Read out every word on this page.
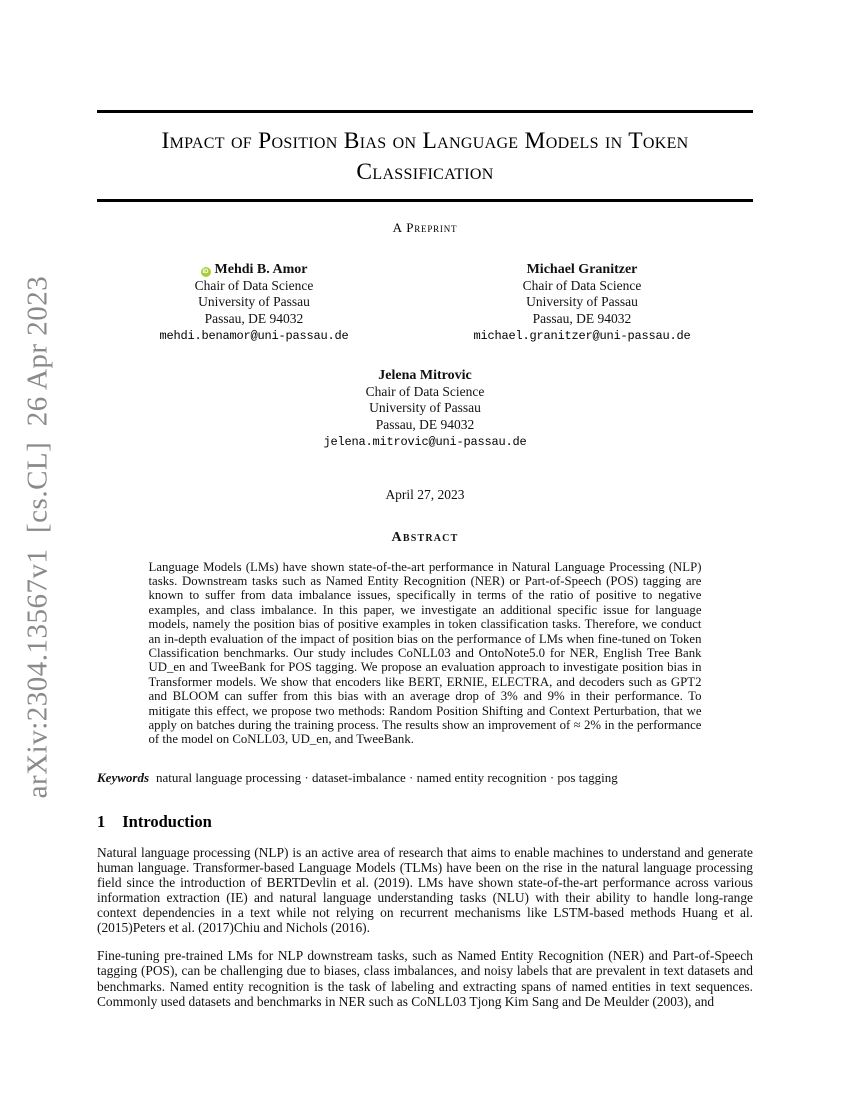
arXiv:2304.13567v1  [cs.CL]  26 Apr 2023
Impact of Position Bias on Language Models in Token Classification
A Preprint
iD Mehdi B. Amor
Chair of Data Science
University of Passau
Passau, DE 94032
mehdi.benamor@uni-passau.de
Michael Granitzer
Chair of Data Science
University of Passau
Passau, DE 94032
michael.granitzer@uni-passau.de
Jelena Mitrovic
Chair of Data Science
University of Passau
Passau, DE 94032
jelena.mitrovic@uni-passau.de
April 27, 2023
Abstract
Language Models (LMs) have shown state-of-the-art performance in Natural Language Processing (NLP) tasks. Downstream tasks such as Named Entity Recognition (NER) or Part-of-Speech (POS) tagging are known to suffer from data imbalance issues, specifically in terms of the ratio of positive to negative examples, and class imbalance. In this paper, we investigate an additional specific issue for language models, namely the position bias of positive examples in token classification tasks. Therefore, we conduct an in-depth evaluation of the impact of position bias on the performance of LMs when fine-tuned on Token Classification benchmarks. Our study includes CoNLL03 and OntoNote5.0 for NER, English Tree Bank UD_en and TweeBank for POS tagging. We propose an evaluation approach to investigate position bias in Transformer models. We show that encoders like BERT, ERNIE, ELECTRA, and decoders such as GPT2 and BLOOM can suffer from this bias with an average drop of 3% and 9% in their performance. To mitigate this effect, we propose two methods: Random Position Shifting and Context Perturbation, that we apply on batches during the training process. The results show an improvement of ≈ 2% in the performance of the model on CoNLL03, UD_en, and TweeBank.
Keywords natural language processing · dataset-imbalance · named entity recognition · pos tagging
1 Introduction

Natural language processing (NLP) is an active area of research that aims to enable machines to understand and generate human language. Transformer-based Language Models (TLMs) have been on the rise in the natural language processing field since the introduction of BERTDevlin et al. (2019). LMs have shown state-of-the-art performance across various information extraction (IE) and natural language understanding tasks (NLU) with their ability to handle long-range context dependencies in a text while not relying on recurrent mechanisms like LSTM-based methods Huang et al. (2015)Peters et al. (2017)Chiu and Nichols (2016).

Fine-tuning pre-trained LMs for NLP downstream tasks, such as Named Entity Recognition (NER) and Part-of-Speech tagging (POS), can be challenging due to biases, class imbalances, and noisy labels that are prevalent in text datasets and benchmarks. Named entity recognition is the task of labeling and extracting spans of named entities in text sequences. Commonly used datasets and benchmarks in NER such as CoNLL03 Tjong Kim Sang and De Meulder (2003), and
